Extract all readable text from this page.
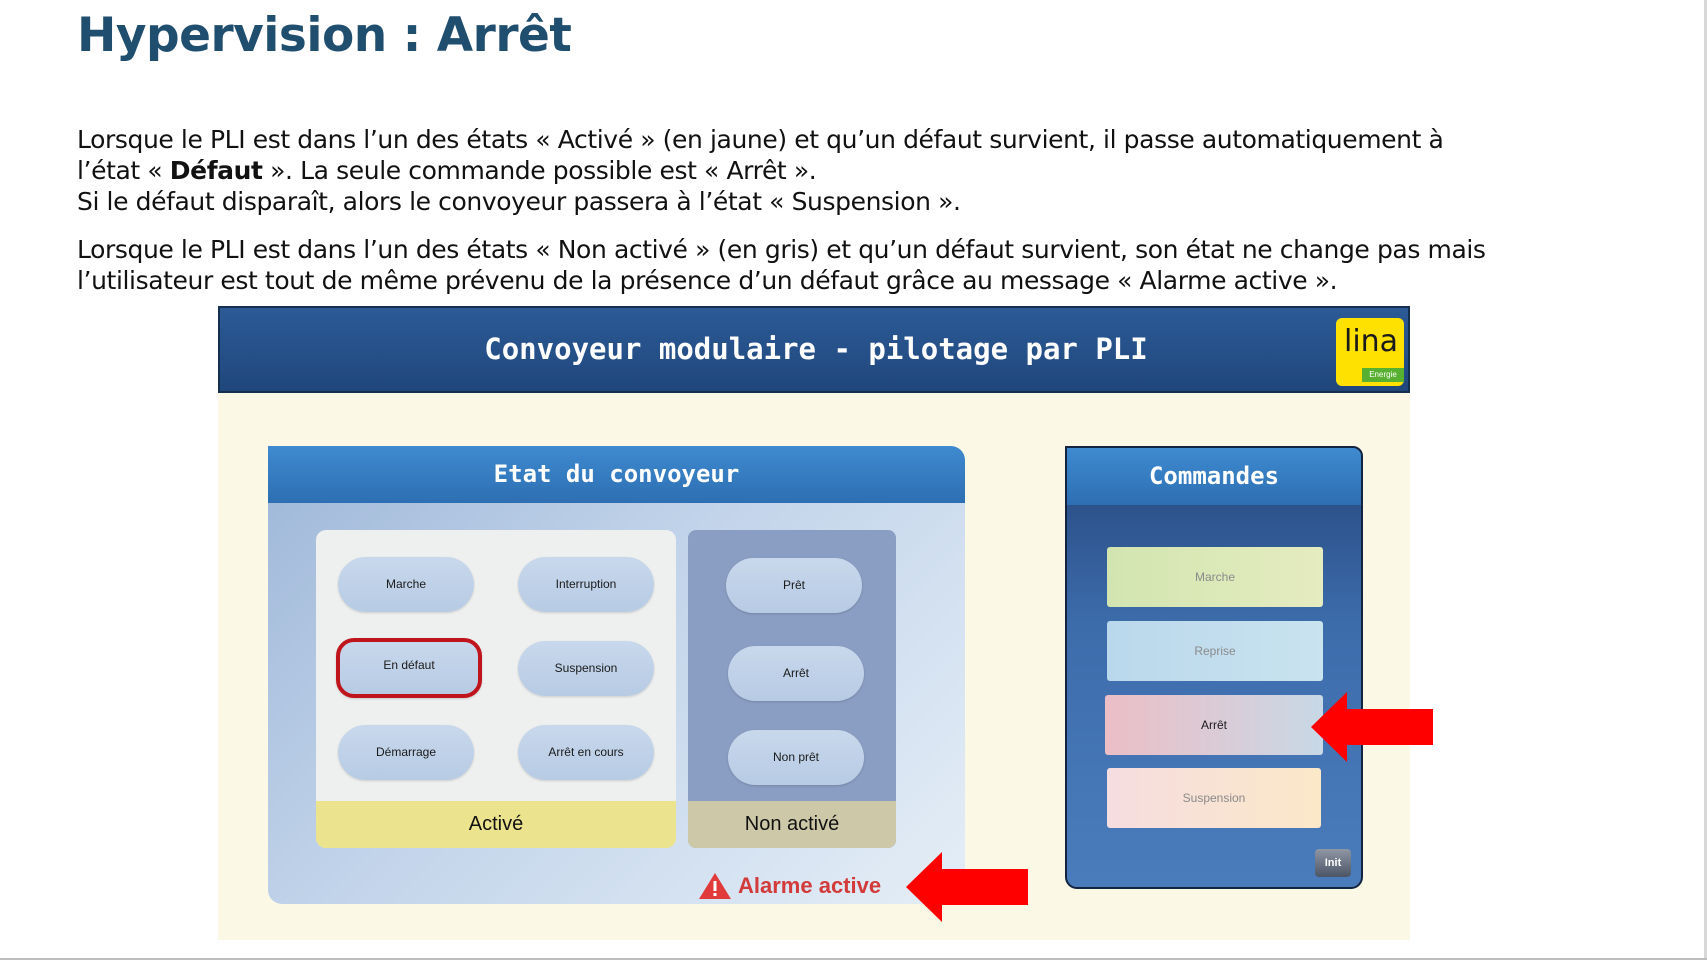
Hypervision : Arrêt

Lorsque le PLI est dans l’un des états « Activé » (en jaune) et qu’un défaut survient, il passe automatiquement à

l’état « Défaut ». La seule commande possible est « Arrêt ».

Si le défaut disparaît, alors le convoyeur passera à l’état « Suspension ».

Lorsque le PLI est dans l’un des états « Non activé » (en gris) et qu’un défaut survient, son état ne change pas mais

l’utilisateur est tout de même prévenu de la présence d’un défaut grâce au message « Alarme active ».

Convoyeur modulaire - pilotage par PLI	lina
Energie
Etat du convoyeur
Marche	Interruption
En défaut	Suspension
Démarrage	Arrêt en cours
Activé
Prêt
Arrêt
Non prêt
Non activé
Alarme active
Commandes
Marche
Reprise
Arrêt
Suspension
Init
